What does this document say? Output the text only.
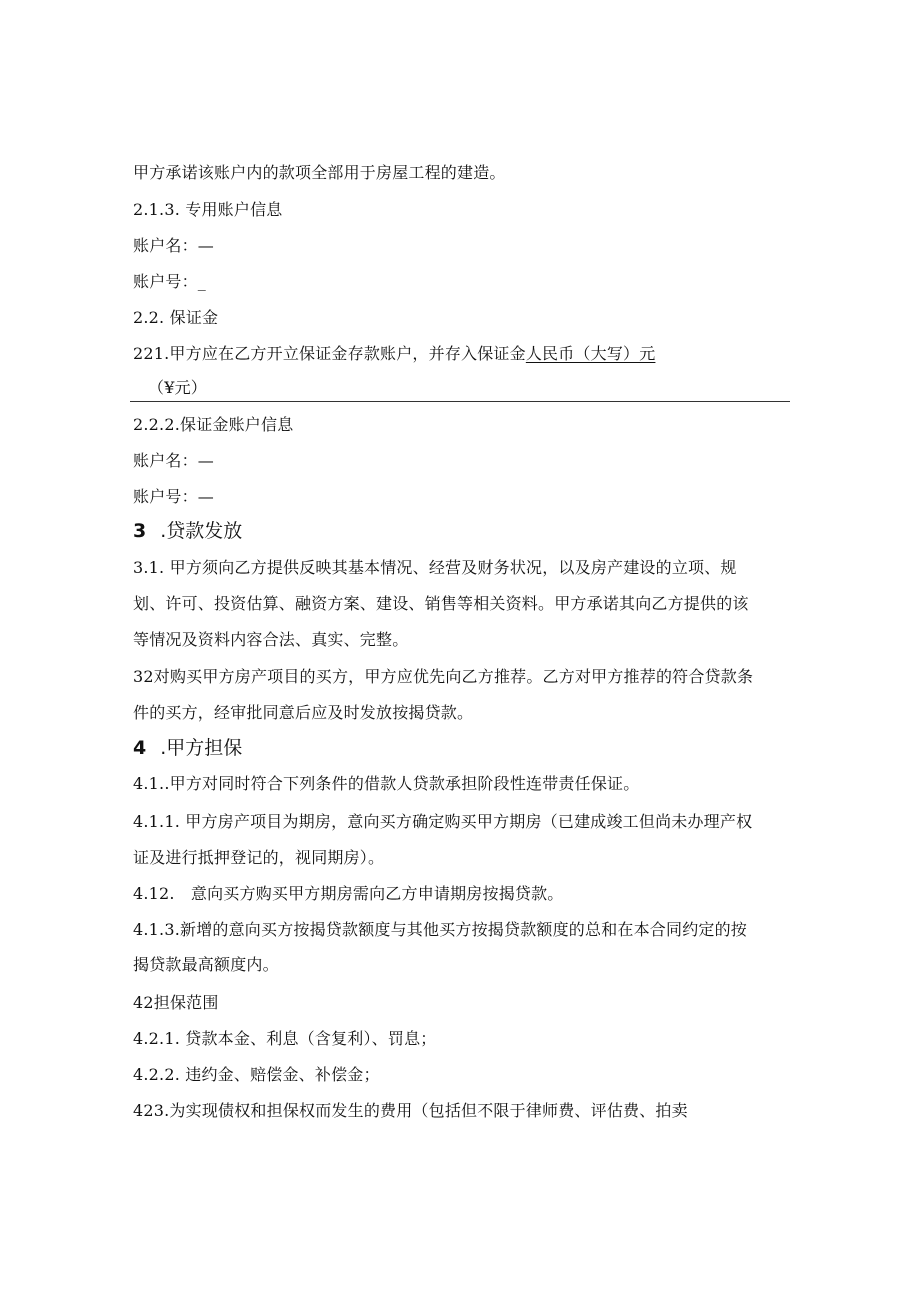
甲方承诺该账户内的款项全部用于房屋工程的建造。
2.1.3. 专用账户信息
账户名：—
账户号：_
2.2. 保证金
221.甲方应在乙方开立保证金存款账户，并存入保证金人民币（大写）元
（¥元）
2.2.2.保证金账户信息
账户名：—
账户号：—
3 .贷款发放
3.1. 甲方须向乙方提供反映其基本情况、经营及财务状况，以及房产建设的立项、规
划、许可、投资估算、融资方案、建设、销售等相关资料。甲方承诺其向乙方提供的该
等情况及资料内容合法、真实、完整。
32对购买甲方房产项目的买方，甲方应优先向乙方推荐。乙方对甲方推荐的符合贷款条
件的买方，经审批同意后应及时发放按揭贷款。
4 .甲方担保
4.1..甲方对同时符合下列条件的借款人贷款承担阶段性连带责任保证。
4.1.1. 甲方房产项目为期房，意向买方确定购买甲方期房（已建成竣工但尚未办理产权
证及进行抵押登记的，视同期房）。
4.12.　意向买方购买甲方期房需向乙方申请期房按揭贷款。
4.1.3.新增的意向买方按揭贷款额度与其他买方按揭贷款额度的总和在本合同约定的按
揭贷款最高额度内。
42担保范围
4.2.1. 贷款本金、利息（含复利）、罚息；
4.2.2. 违约金、赔偿金、补偿金；
423.为实现债权和担保权而发生的费用（包括但不限于律师费、评估费、拍卖
